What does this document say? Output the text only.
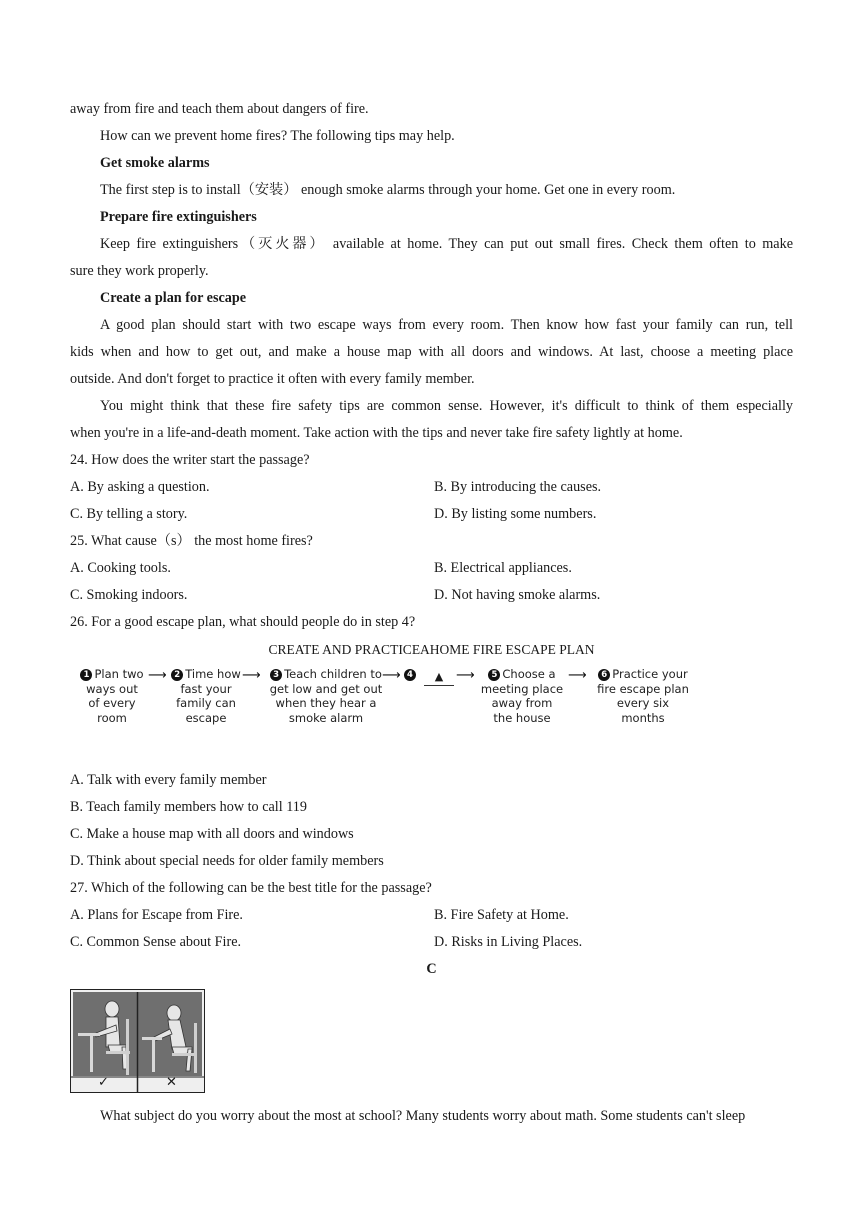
away from fire and teach them about dangers of fire.
How can we prevent home fires? The following tips may help.
Get smoke alarms
The first step is to install（安装） enough smoke alarms through your home. Get one in every room.
Prepare fire extinguishers
Keep fire extinguishers（灭火器） available at home. They can put out small fires. Check them often to make
sure they work properly.
Create a plan for escape
A good plan should start with two escape ways from every room. Then know how fast your family can run, tell
kids when and how to get out, and make a house map with all doors and windows. At last, choose a meeting place
outside. And don't forget to practice it often with every family member.
You might think that these fire safety tips are common sense. However, it's difficult to think of them especially
when you're in a life-and-death moment. Take action with the tips and never take fire safety lightly at home.
24. How does the writer start the passage?
A. By asking a question.	B. By introducing the causes.
C. By telling a story.	D. By listing some numbers.
25. What cause（s） the most home fires?
A. Cooking tools.	B. Electrical appliances.
C. Smoking indoors.	D. Not having smoke alarms.
26. For a good escape plan, what should people do in step 4?
CREATE AND PRACTICEAHOME FIRE ESCAPE PLAN
1 Plan two
ways out
of every
room
⟶ 2 Time how
fast your
family can
escape
⟶	3 Teach children to
get low and get out
when they hear a
smoke alarm
⟶ 4	▲ ⟶	5 Choose a
meeting place
away from
the house
⟶	6 Practice your
fire escape plan
every six
months
A. Talk with every family member
B. Teach family members how to call 119
C. Make a house map with all doors and windows
D. Think about special needs for older family members
27. Which of the following can be the best title for the passage?
A. Plans for Escape from Fire.	B. Fire Safety at Home.
C. Common Sense about Fire.	D. Risks in Living Places.
C
✓	✕
What subject do you worry about the most at school? Many students worry about math. Some students can't sleep
